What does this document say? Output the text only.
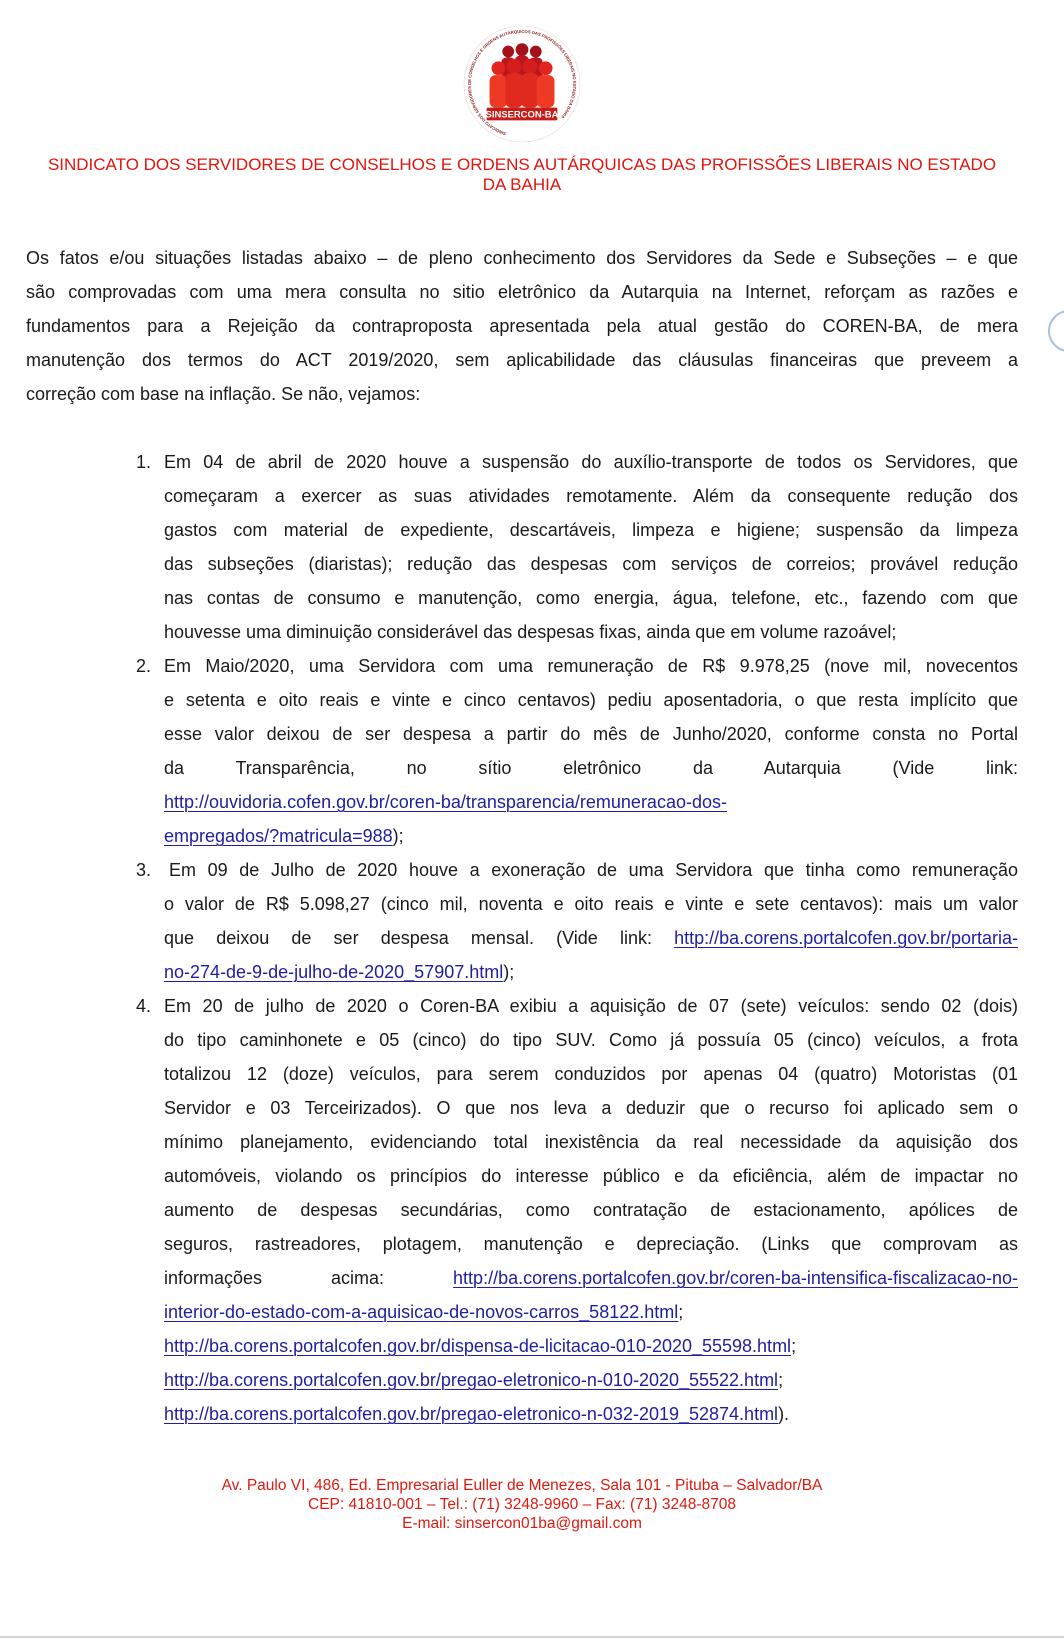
SINDICATO DOS SERVIDORES DE CONSELHOS E ORDENS AUTÁRQUICOS DAS PROFISSÕES LIBERAIS NO ESTADO DA BAHIA
SINSERCON-BA
SINDICATO DOS SERVIDORES DE CONSELHOS E ORDENS AUTÁRQUICAS DAS PROFISSÕES LIBERAIS NO ESTADO
DA BAHIA
Os fatos e/ou situações listadas abaixo – de pleno conhecimento dos Servidores da Sede e Subseções – e que
são comprovadas com uma mera consulta no sitio eletrônico da Autarquia na Internet, reforçam as razões e
fundamentos para a Rejeição da contraproposta apresentada pela atual gestão do COREN-BA, de mera
manutenção dos termos do ACT 2019/2020, sem aplicabilidade das cláusulas financeiras que preveem a
correção com base na inflação. Se não, vejamos:
1. Em 04 de abril de 2020 houve a suspensão do auxílio-transporte de todos os Servidores, que
começaram a exercer as suas atividades remotamente. Além da consequente redução dos
gastos com material de expediente, descartáveis, limpeza e higiene; suspensão da limpeza
das subseções (diaristas); redução das despesas com serviços de correios; provável redução
nas contas de consumo e manutenção, como energia, água, telefone, etc., fazendo com que
houvesse uma diminuição considerável das despesas fixas, ainda que em volume razoável;
2. Em Maio/2020, uma Servidora com uma remuneração de R$ 9.978,25 (nove mil, novecentos
e setenta e oito reais e vinte e cinco centavos) pediu aposentadoria, o que resta implícito que
esse valor deixou de ser despesa a partir do mês de Junho/2020, conforme consta no Portal
da Transparência, no sítio eletrônico da Autarquia (Vide link:
http://ouvidoria.cofen.gov.br/coren-ba/transparencia/remuneracao-dos-
empregados/?matricula=988);
3. Em 09 de Julho de 2020 houve a exoneração de uma Servidora que tinha como remuneração
o valor de R$ 5.098,27 (cinco mil, noventa e oito reais e vinte e sete centavos): mais um valor
que deixou de ser despesa mensal. (Vide link: http://ba.corens.portalcofen.gov.br/portaria-
no-274-de-9-de-julho-de-2020_57907.html);
4. Em 20 de julho de 2020 o Coren-BA exibiu a aquisição de 07 (sete) veículos: sendo 02 (dois)
do tipo caminhonete e 05 (cinco) do tipo SUV. Como já possuía 05 (cinco) veículos, a frota
totalizou 12 (doze) veículos, para serem conduzidos por apenas 04 (quatro) Motoristas (01
Servidor e 03 Terceirizados). O que nos leva a deduzir que o recurso foi aplicado sem o
mínimo planejamento, evidenciando total inexistência da real necessidade da aquisição dos
automóveis, violando os princípios do interesse público e da eficiência, além de impactar no
aumento de despesas secundárias, como contratação de estacionamento, apólices de
seguros, rastreadores, plotagem, manutenção e depreciação. (Links que comprovam as
informações acima: http://ba.corens.portalcofen.gov.br/coren-ba-intensifica-fiscalizacao-no-
interior-do-estado-com-a-aquisicao-de-novos-carros_58122.html;
http://ba.corens.portalcofen.gov.br/dispensa-de-licitacao-010-2020_55598.html;
http://ba.corens.portalcofen.gov.br/pregao-eletronico-n-010-2020_55522.html;
http://ba.corens.portalcofen.gov.br/pregao-eletronico-n-032-2019_52874.html).
Av. Paulo VI, 486, Ed. Empresarial Euller de Menezes, Sala 101 - Pituba – Salvador/BA
CEP: 41810-001 – Tel.: (71) 3248-9960 – Fax: (71) 3248-8708
E-mail: sinsercon01ba@gmail.com
